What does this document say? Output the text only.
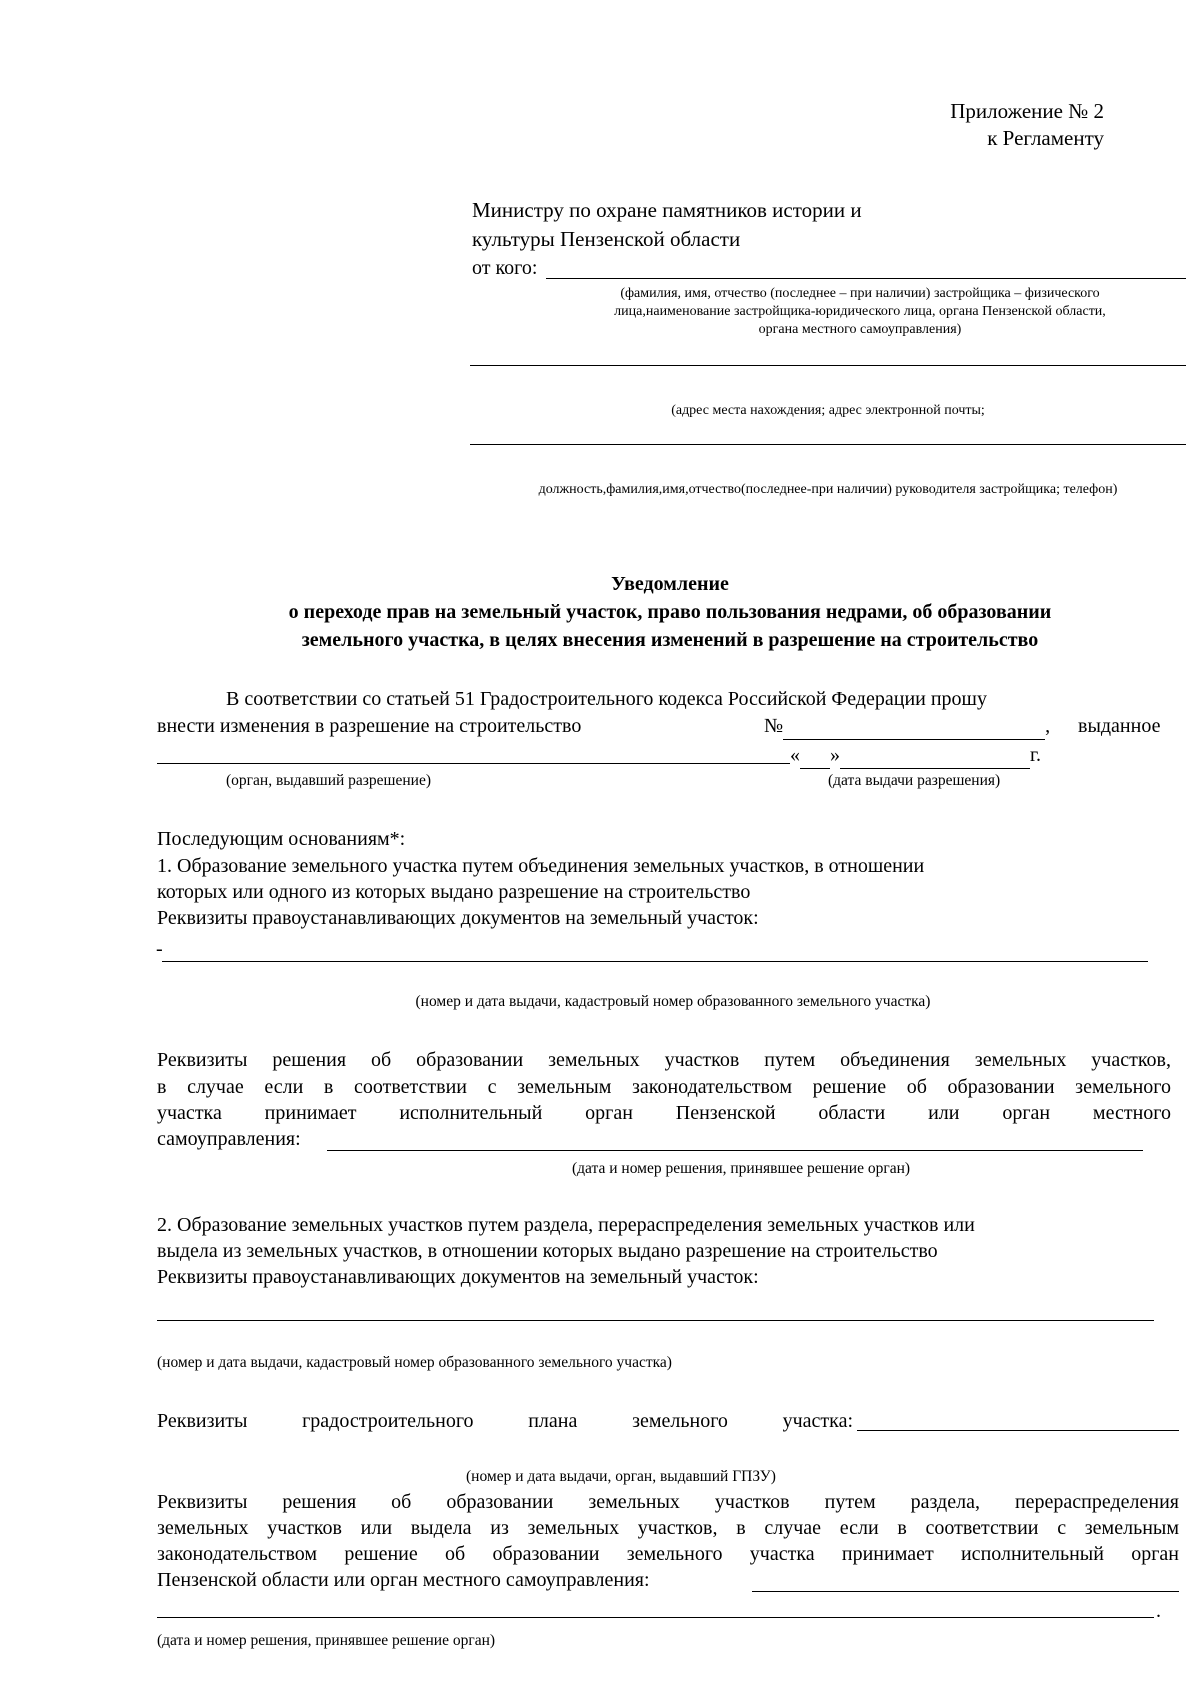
Приложение № 2
к Регламенту
Министру по охране памятников истории и
культуры Пензенской области
от кого:
(фамилия, имя, отчество (последнее – при наличии) застройщика – физического
лица,наименование застройщика-юридического лица, органа Пензенской области,
органа местного самоуправления)
(адрес места нахождения; адрес электронной почты;
должность,фамилия,имя,отчество(последнее-при наличии) руководителя застройщика; телефон)
Уведомление
о переходе прав на земельный участок, право пользования недрами, об образовании
земельного участка, в целях внесения изменений в разрешение на строительство
В соответствии со статьей 51 Градостроительного кодекса Российской Федерации прошу
внести изменения в разрешение на строительство	№	, выданное
« »	г.
(орган, выдавший разрешение)	(дата выдачи разрешения)
Последующим основаниям*:
1. Образование земельного участка путем объединения земельных участков, в отношении
которых или одного из которых выдано разрешение на строительство
Реквизиты правоустанавливающих документов на земельный участок:
-
(номер и дата выдачи, кадастровый номер образованного земельного участка)
Реквизиты решения об образовании земельных участков путем объединения земельных участков,
в случае если в соответствии с земельным законодательством решение об образовании земельного
участка принимает исполнительный орган Пензенской области или орган местного
самоуправления:
(дата и номер решения, принявшее решение орган)
2. Образование земельных участков путем раздела, перераспределения земельных участков или
выдела из земельных участков, в отношении которых выдано разрешение на строительство
Реквизиты правоустанавливающих документов на земельный участок:
(номер и дата выдачи, кадастровый номер образованного земельного участка)
Реквизиты градостроительного плана земельного участка:
(номер и дата выдачи, орган, выдавший ГПЗУ)
Реквизиты решения об образовании земельных участков путем раздела, перераспределения
земельных участков или выдела из земельных участков, в случае если в соответствии с земельным
законодательством решение об образовании земельного участка принимает исполнительный орган
Пензенской области или орган местного самоуправления:
.
(дата и номер решения, принявшее решение орган)
